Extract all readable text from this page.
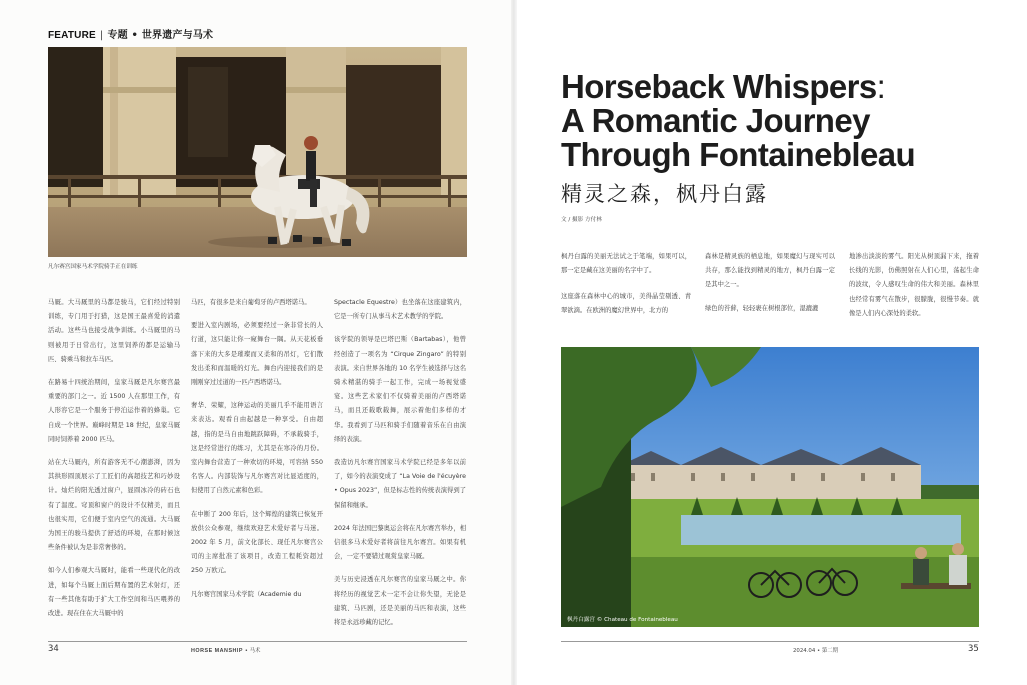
FEATURE | 专题 • 世界遗产与马术
凡尔赛宫国家马术学院骑手正在训练

马厩。大马厩里的马都是骏马，它们经过特别训练，专门用于打猎，这是国王最喜爱的消遣活动。这些马也接受战争训练。小马厩里的马则被用于日常出行，这里饲养的都是运输马匹、骑乘马和拉车马匹。

在路易十四统治期间，皇家马厩是凡尔赛宫最重要的部门之一。近 1500 人在那里工作，有人形容它是一个服务于停泊运作着的蜂巢。它自成一个世界。巅峰时期是 18 世纪，皇家马厩同时饲养着 2000 匹马。

站在大马厩内，所有游客无不心潮澎湃，因为其拱形圆顶展示了工匠们的高超技艺和巧妙设计。灿烂的阳光透过窗户，显圆冰冷的砖石也有了温度。穹顶和窗户的设计不仅精美，而且也很实用，它们便于室内空气的流通。大马厩为国王的骏马提供了舒适的环境，在那时候这些条件被认为是非常奢侈的。

如今人们参观大马厩时，能看一些现代化的改进，如每个马厩上面后期布置的艺术射灯，还有一些其他有助于扩大工作空间和马匹喂养的改进。现在住在大马厩中的

马匹，有很多是来自葡萄牙的卢西塔诺马。

要进入室内剧场，必须要经过一条非常长的人行道，这只能让你一窥舞台一隅。从天花板垂落下来的大多是璀璨而又柔和的吊灯，它们散发出柔和而温暖的灯光。舞台内迎接我们的是刚刚穿过过道的一匹卢西塔诺马。

奢华、荣耀，这种运动的美丽几乎不能用语言来表达。观看自由起越是一种享受。自由超越，指的是马自由地跳跃障碍，不承载骑手，这是经常进行的练习，尤其是在寒冷的月份。室内舞台营造了一种欢切的环境，可容纳 550 名客人。内部装饰与凡尔赛宫对比显适度的，但使用了自然元素和色彩。

在中断了 200 年后，这个辉煌的建筑已恢复开放供公众参观，继续欢迎艺术爱好者与马迷。2002 年 5 月，前文化部长、现任凡尔赛宫公司的主席批准了该项目，改造工程耗资超过 250 万欧元。

凡尔赛宫国家马术学院（Academie du

Spectacle Equestre）也坐落在这座建筑内，它是一所专门从事马术艺术教学的学院。

该学院的领导是巴塔巴斯（Bartabas），他曾经创造了一项名为 “Cirque Zingaro” 的特别表演。来自世界各地的 10 名学生被选择与这名骑术精湛的骑手一起工作，完成一场视觉盛宴。这些艺术家们不仅骑着美丽的卢西塔诺马，而且还载歌载舞，展示着他们多样的才华。我看到了马匹和骑手们随着音乐在自由演绎的表演。

我造访凡尔赛宫国家马术学院已经是多年以前了，如今的表演变成了 “La Voie de l'écuyère • Opus 2023”，但是标志性的传统表演得到了保留和继承。

2024 年法国巴黎奥运会将在凡尔赛宫举办，相信很多马术爱好者将前往凡尔赛宫。如果有机会，一定不要错过观赏皇家马厩。

美与历史浸透在凡尔赛宫的皇家马厩之中。你将经历的视觉艺术一定不会让你失望，无论是建筑、马匹剧，还是美丽的马匹和表演，这些将是永远珍藏的记忆。

Horseback Whispers:
A Romantic Journey
Through Fontainebleau
精灵之森，枫丹白露
文 / 摄影 方付林

枫丹白露的美丽无法试之于笔端，如果可以，那一定是藏在这美丽的名字中了。

这座落在森林中心的城市，美得晶莹剔透、青翠欲滴。在欧洲的魔幻世界中，北方的

森林是精灵族的栖息地，如果魔幻与现实可以共存，那么能找到精灵的地方，枫丹白露一定是其中之一。

绿色的苔藓，轻轻裹在树根部位，湿漉漉

地渗出淡淡的雾气。阳光从树顶漏下来，拖着长线的光影，仿佛照射在人们心里，荡起生命的波纹，令人感叹生命的伟大和美丽。森林里也经常有雾气在散步，很朦胧，很慢节奏。就像是人们内心深处的柔软。

枫丹白露宫 © Chateau de Fontainebleau
34	HORSE MANSHIP • 马术	2024.04 • 第二期	35
